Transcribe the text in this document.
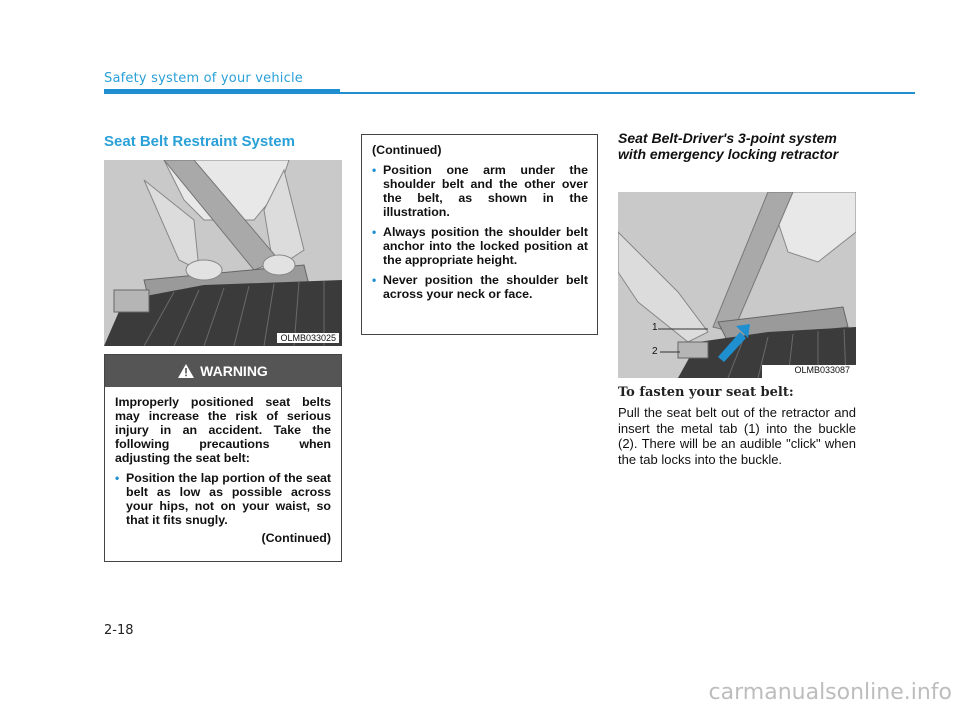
Safety system of your vehicle
Seat Belt Restraint System
OLMB033025
WARNING
Improperly positioned seat belts may increase the risk of serious injury in an accident. Take the following precautions when adjusting the seat belt:
• Position the lap portion of the seat belt as low as possible across your hips, not on your waist, so that it fits snugly.
(Continued)
(Continued)
• Position one arm under the shoulder belt and the other over the belt, as shown in the illustration.
• Always position the shoulder belt anchor into the locked position at the appropriate height.
• Never position the shoulder belt across your neck or face.
Seat Belt-Driver's 3-point system with emergency locking retractor
1
2
OLMB033087
To fasten your seat belt:
Pull the seat belt out of the retractor and insert the metal tab (1) into the buckle (2). There will be an audible "click" when the tab locks into the buckle.
2-18
carmanualsonline.info
